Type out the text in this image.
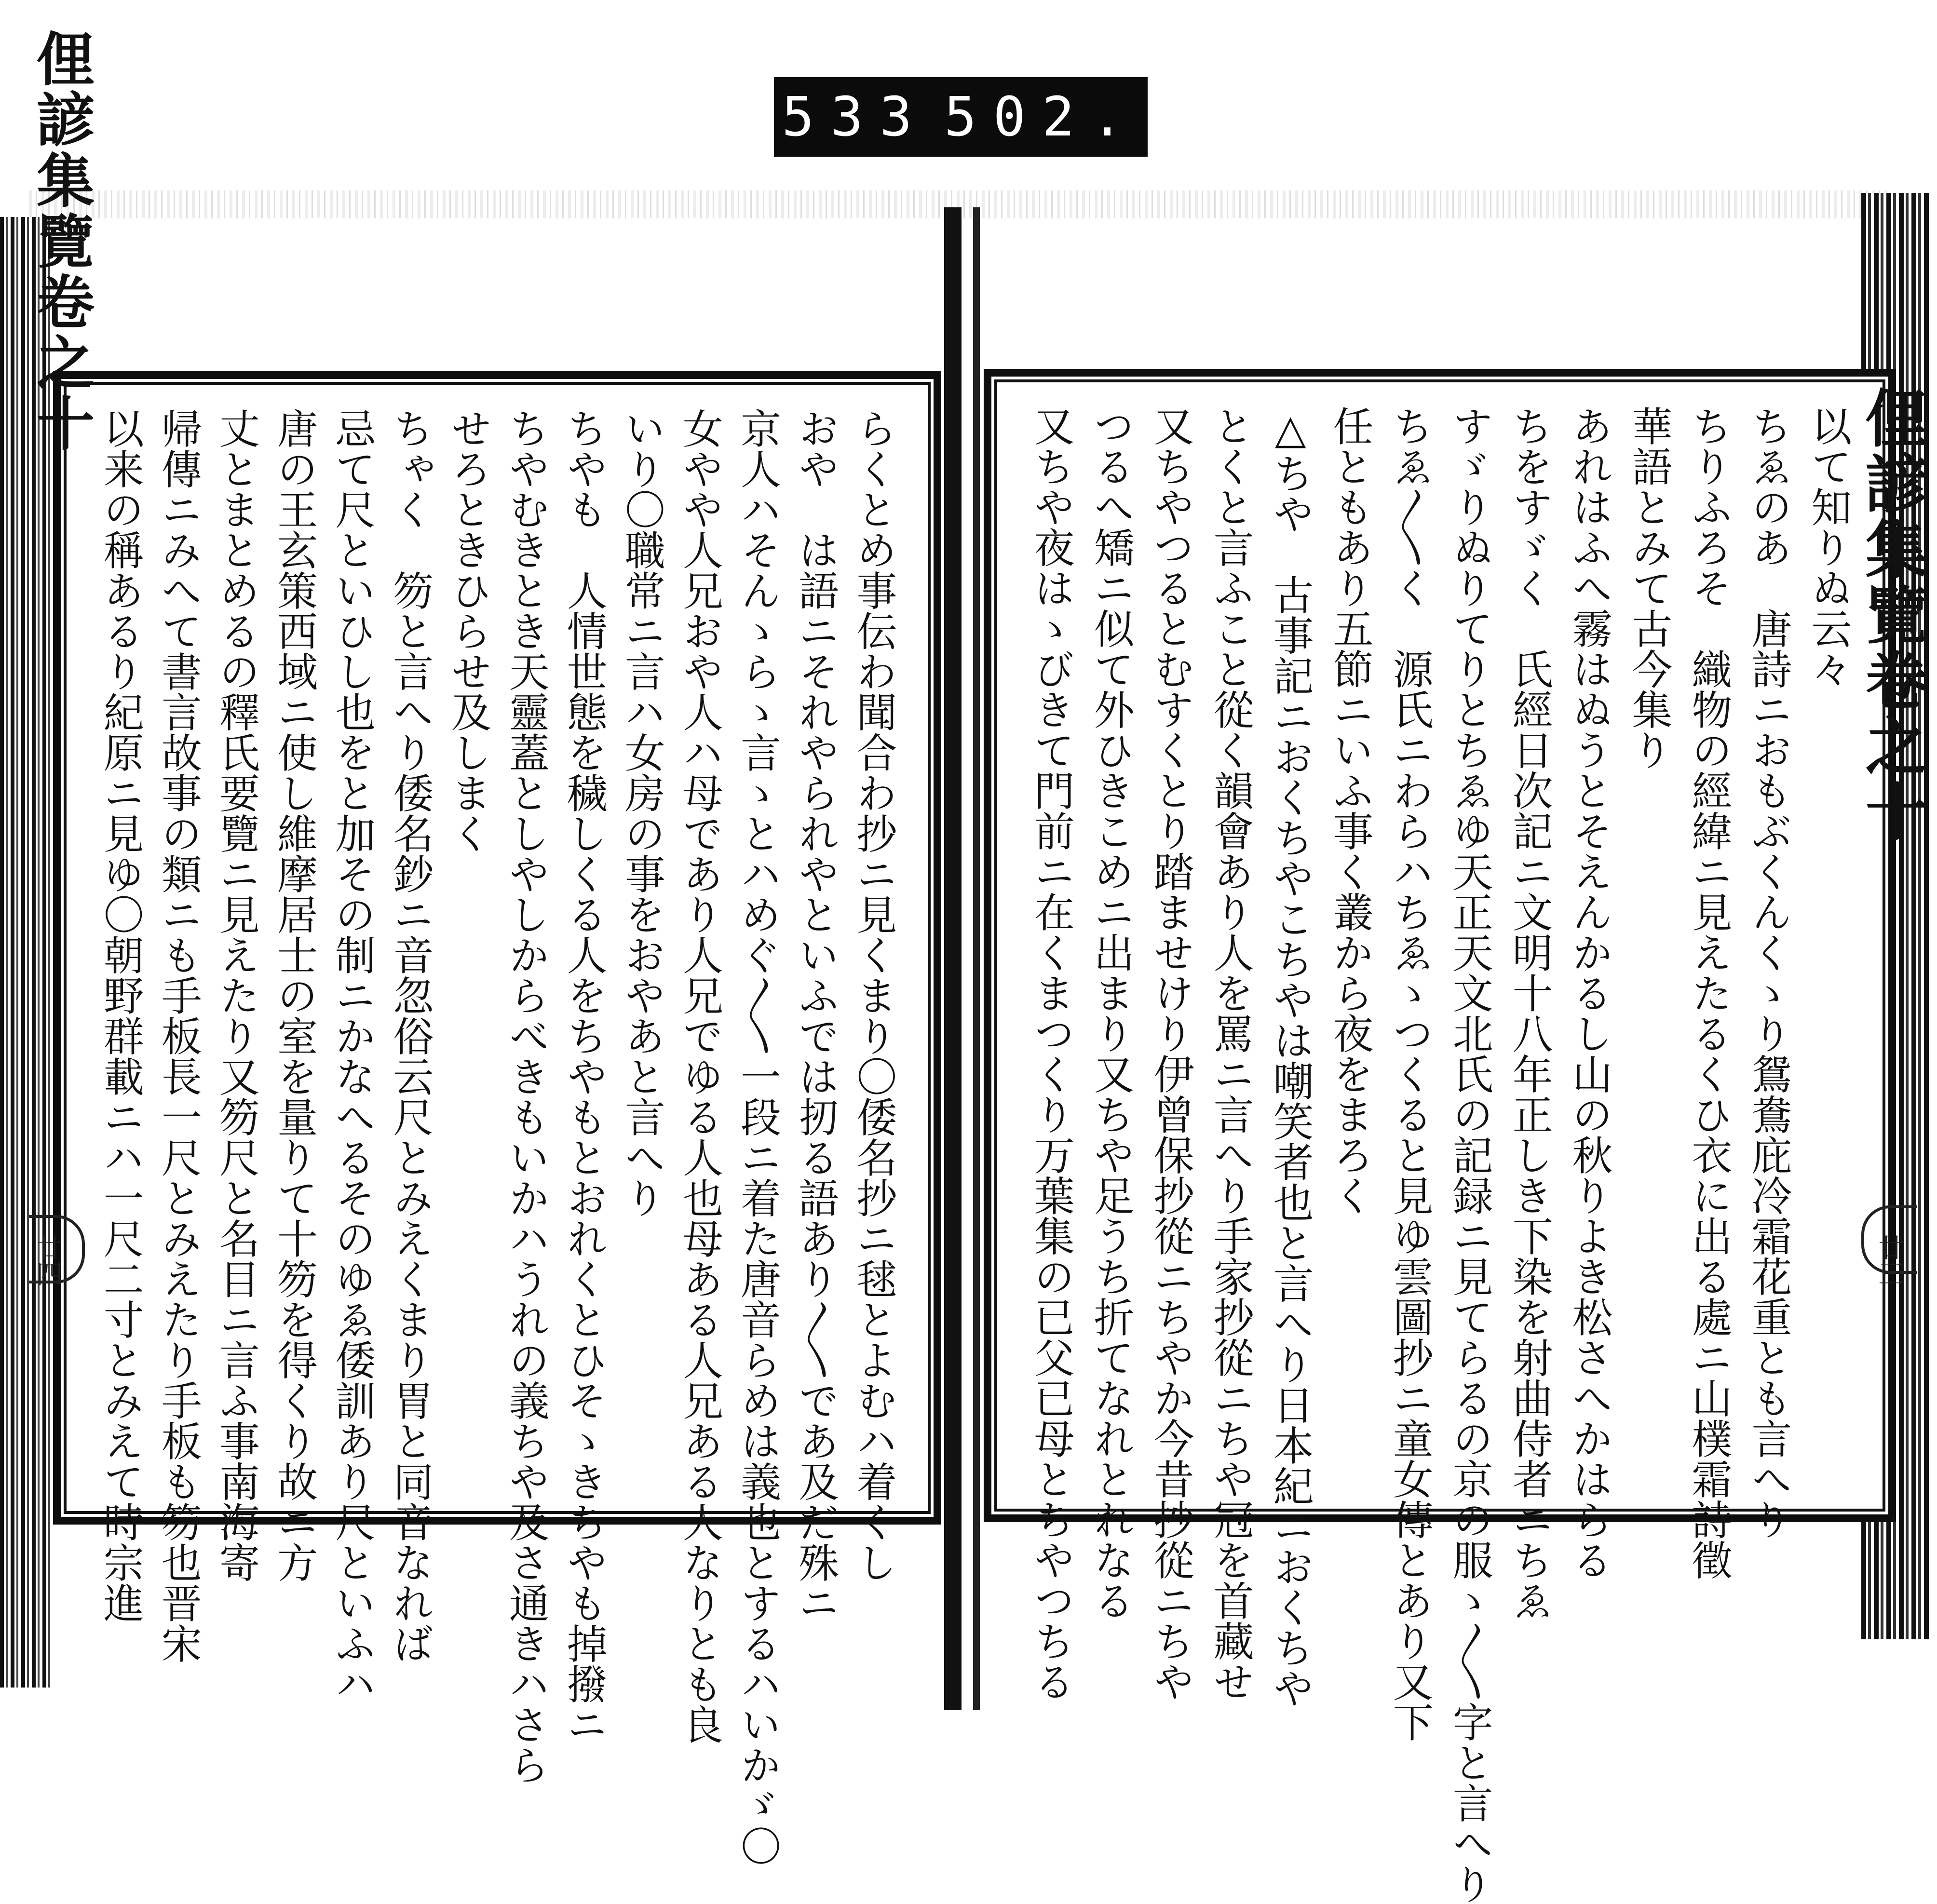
533 502.
らくとめ事伝わ聞合わ抄ニ見くまり〇倭名抄ニ毬とよむハ着くし
おや　は語ニそれやられやといふでは扨る語あり〳〵であ及だ殊ニ
京人ハそんゝらゝ言ゝとハめぐ〳〵一段ニ着た唐音らめは義也とするハいかゞ〇
女やや人兄おや人ハ母であり人兄でゆる人也母ある人兄ある人なりとも良
いり〇職常ニ言ハ女房の事をおやあと言へり
ちやも　人情世態を穢しくる人をちやもとおれくとひそゝきちやも掉撥ニ
ちやむきとき天靈蓋としやしからべきもいかハうれの義ちや及さ通きハさら
せろときひらせ及しまく
ちゃく　笏と言へり倭名鈔ニ音忽俗云尺とみえくまり胃と同音なれば
忌て尺といひし也をと加その制ニかなへるそのゆゑ倭訓あり尺といふハ
唐の王玄策西域ニ使し維摩居士の室を量りて十笏を得くり故ニ方
丈とまとめるの釋氏要覽ニ見えたり又笏尺と名目ニ言ふ事南海寄
帰傳ニみへて書言故事の類ニも手板長一尺とみえたり手板も笏也晋宋
以来の稱あるり紀原ニ見ゆ〇朝野群載ニハ一尺二寸とみえて時宗進
俚諺集覽卷之十
廿四
以て知りぬ云々
ちゑのあ　唐詩ニおもぶくんくゝり鴛鴦庇冷霜花重とも言へり
ちりふろそ　織物の經緯ニ見えたるくひ衣に出る處ニ山樸霜詩徵
華語とみて古今集り
あれはふへ霧はぬうとそえんかるし山の秋りよき松さへかはらる
ちをすゞく　氏經日次記ニ文明十八年正しき下染を射曲侍者ニちゑ
すゞりぬりてりとちゑゆ天正天文北氏の記録ニ見てらるの京の服ゝ〳〵字と言へり
ちゑ〳〵く　源氏ニわらハちゑゝつくると見ゆ雲圖抄ニ童女傳とあり又下
任ともあり五節ニいふ事く叢から夜をまろく
△ちや　古事記ニおくちやこちやは嘲笑者也と言へり日本紀ニおくちや
とくと言ふこと從く韻會あり人を罵ニ言へり手家抄從ニちや冠を首藏せ
又ちやつるとむすくとり踏ませけり伊曾保抄從ニちやか今昔抄從ニちや
つるへ矯ニ似て外ひきこめニ出まり又ちや足うち折てなれとれなる
又ちや夜はゝびきて門前ニ在くまつくり万葉集の已父已母とちやつちる	俚諺集覽卷之十
廿三
